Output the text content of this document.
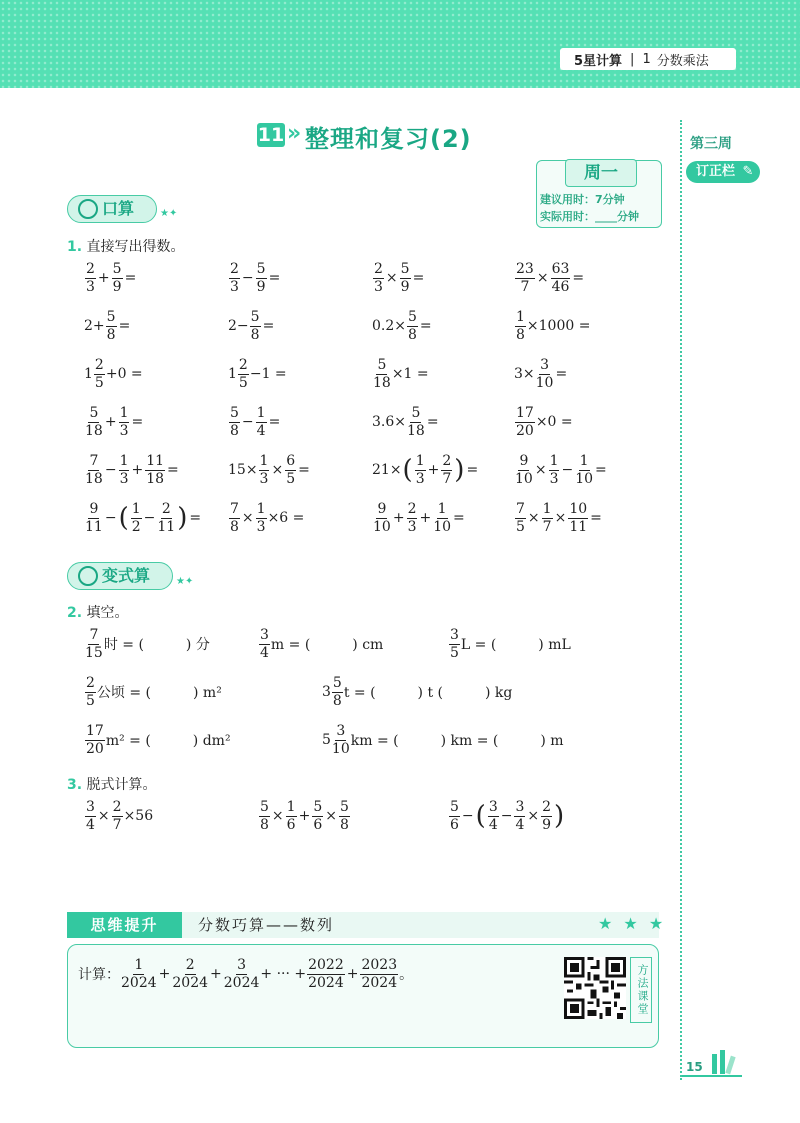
5星计算 | 1 分数乘法
11 » 整理和复习(2)	第三周
订正栏 ✎
周一
建议用时：7分钟
实际用时：____分钟
口算	★✦
1. 直接写出得数。
变式算	★✦
2. 填空。
3. 脱式计算。
思维提升	分数巧算——数列	★ ★ ★
计算： $\frac{1}{2024} + \frac{2}{2024} + \frac{3}{2024}$ + ··· + $\frac{2022}{2024} + \frac{2023}{2024}$ 。	方法课堂
15
$\frac{2}{3} + \frac{5}{9}$ =	$\frac{2}{3} - \frac{5}{9}$ =	$\frac{2}{3} \times \frac{5}{9}$ =	$\frac{23}{7} \times \frac{63}{46}$ =
$2+ \frac{5}{8}$ =	$2- \frac{5}{8}$ =	$0.2\times \frac{5}{8}$ =	$\frac{1}{8} \times 1000$ =
$1 \frac{2}{5} +0$ =	$1 \frac{2}{5} -1$ =	$\frac{5}{18} \times 1$ =	$3\times \frac{3}{10}$ =
$\frac{5}{18} + \frac{1}{3}$ =	$\frac{5}{8} - \frac{1}{4}$ =	$3.6\times \frac{5}{18}$ =	$\frac{17}{20} \times 0$ =
$\frac{7}{18} - \frac{1}{3} + \frac{11}{18}$ =	$15\times \frac{1}{3} \times \frac{6}{5}$ =	21× ( $\frac{1}{3} + \frac{2}{7}$ ) =	$\frac{9}{10} \times \frac{1}{3} - \frac{1}{10}$ =
$\frac{9}{11}$ − ( $\frac{1}{2} - \frac{2}{11}$ ) = $\frac{7}{8} \times \frac{1}{3} \times 6$ =	$\frac{9}{10} + \frac{2}{3} + \frac{1}{10}$ =	$\frac{7}{5} \times \frac{1}{7} \times \frac{10}{11}$ =
$\frac{7}{15}$ 时 = (　　　) 分	$\frac{3}{4}$ m = (　　　) cm	$\frac{3}{5}$ L = (　　　) mL
$\frac{2}{5}$ 公顷 = (　　　) m²	$3 \frac{5}{8}$ t = (　　　) t (　　　) kg
$\frac{17}{20} m^2$ = (　　　) dm²	$5 \frac{3}{10}$ km = (　　　) km = (　　　) m
$\frac{3}{4} \times \frac{2}{7} \times 56$	$\frac{5}{8} \times \frac{1}{6} + \frac{5}{6} \times \frac{5}{8}$	$\frac{5}{6}$ − ( $\frac{3}{4} - \frac{3}{4} \times \frac{2}{9}$ )
